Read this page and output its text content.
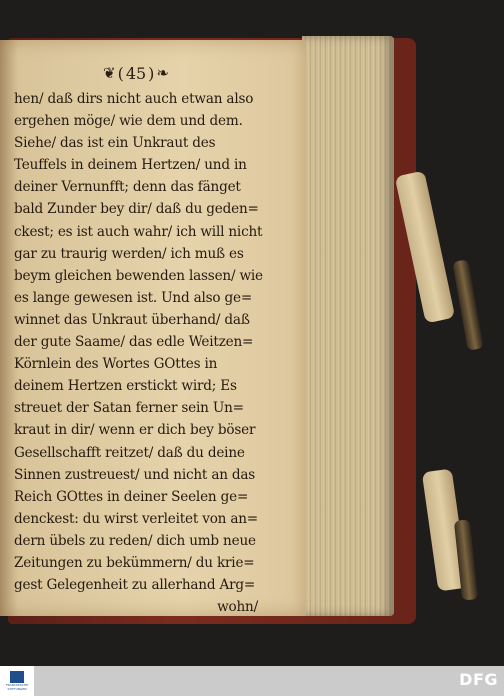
❦ ( 45 ) ❧
hen/ daß dirs nicht auch etwan also
ergehen möge/ wie dem und dem.
Siehe/ das ist ein Unkraut des
Teuffels in deinem Hertzen/ und in
deiner Vernunfft; denn das fänget
bald Zunder bey dir/ daß du geden=
ckest; es ist auch wahr/ ich will nicht
gar zu traurig werden/ ich muß es
beym gleichen bewenden lassen/ wie
es lange gewesen ist. Und also ge=
winnet das Unkraut überhand/ daß
der gute Saame/ das edle Weitzen=
Körnlein des Wortes GOttes in
deinem Hertzen erstickt wird; Es
streuet der Satan ferner sein Un=
kraut in dir/ wenn er dich bey böser
Gesellschafft reitzet/ daß du deine
Sinnen zustreuest/ und nicht an das
Reich GOttes in deiner Seelen ge=
denckest: du wirst verleitet von an=
dern übels zu reden/ dich umb neue
Zeitungen zu bekümmern/ du krie=
gest Gelegenheit zu allerhand Arg=
wohn/
FRANCKESCHE STIFTUNGEN	DFG
